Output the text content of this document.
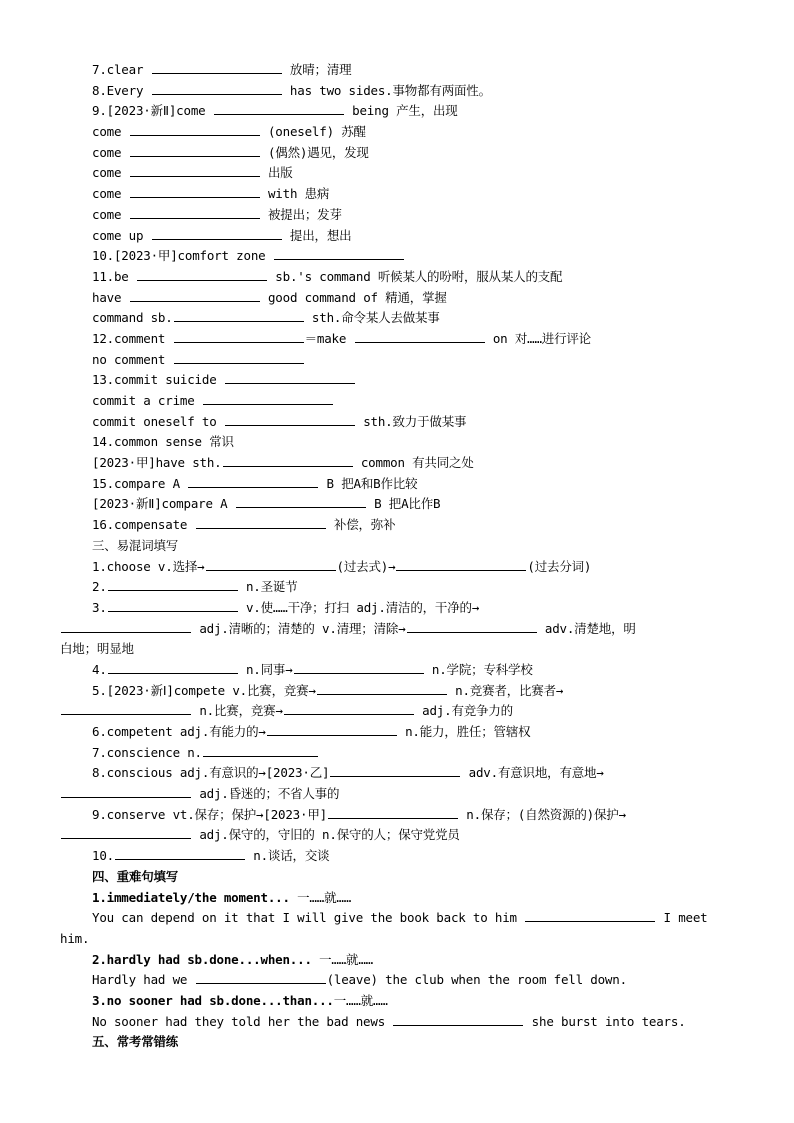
7.clear	放晴；清理
8.Every	has two sides.事物都有两面性。
9.[2023·新Ⅱ]come	being 产生，出现
come	(oneself) 苏醒
come	(偶然)遇见，发现
come	出版
come	with 患病
come	被提出；发芽
come up	提出，想出
10.[2023·甲]comfort zone
11.be	sb.'s command 听候某人的吩咐，服从某人的支配
have	good command of 精通，掌握
command sb.	sth.命令某人去做某事
12.comment	＝make	on 对……进行评论
no comment
13.commit suicide
commit a crime
commit oneself to	sth.致力于做某事
14.common sense 常识
[2023·甲]have sth.	common 有共同之处
15.compare A	B 把A和B作比较
[2023·新Ⅱ]compare A	B 把A比作B
16.compensate	补偿，弥补
三、易混词填写
1.choose v.选择→	(过去式)→	(过去分词)
2.	n.圣诞节
3.	v.使……干净；打扫 adj.清洁的，干净的→
adj.清晰的；清楚的 v.清理；清除→	adv.清楚地，明
白地；明显地
4.	n.同事→	n.学院；专科学校
5.[2023·新Ⅰ]compete v.比赛，竞赛→	n.竞赛者，比赛者→
n.比赛，竞赛→	adj.有竞争力的
6.competent adj.有能力的→	n.能力，胜任；管辖权
7.conscience n.
8.conscious adj.有意识的→[2023·乙]	adv.有意识地，有意地→
adj.昏迷的；不省人事的
9.conserve vt.保存；保护→[2023·甲]	n.保存；(自然资源的)保护→
adj.保守的，守旧的 n.保守的人；保守党党员
10.	n.谈话，交谈
四、重难句填写
1.immediately/the moment... 一……就……
You can depend on it that I will give the book back to him	I meet
him.
2.hardly had sb.done...when... 一……就……
Hardly had we	(leave) the club when the room fell down.
3.no sooner had sb.done...than...一……就……
No sooner had they told her the bad news	she burst into tears.
五、常考常错练
